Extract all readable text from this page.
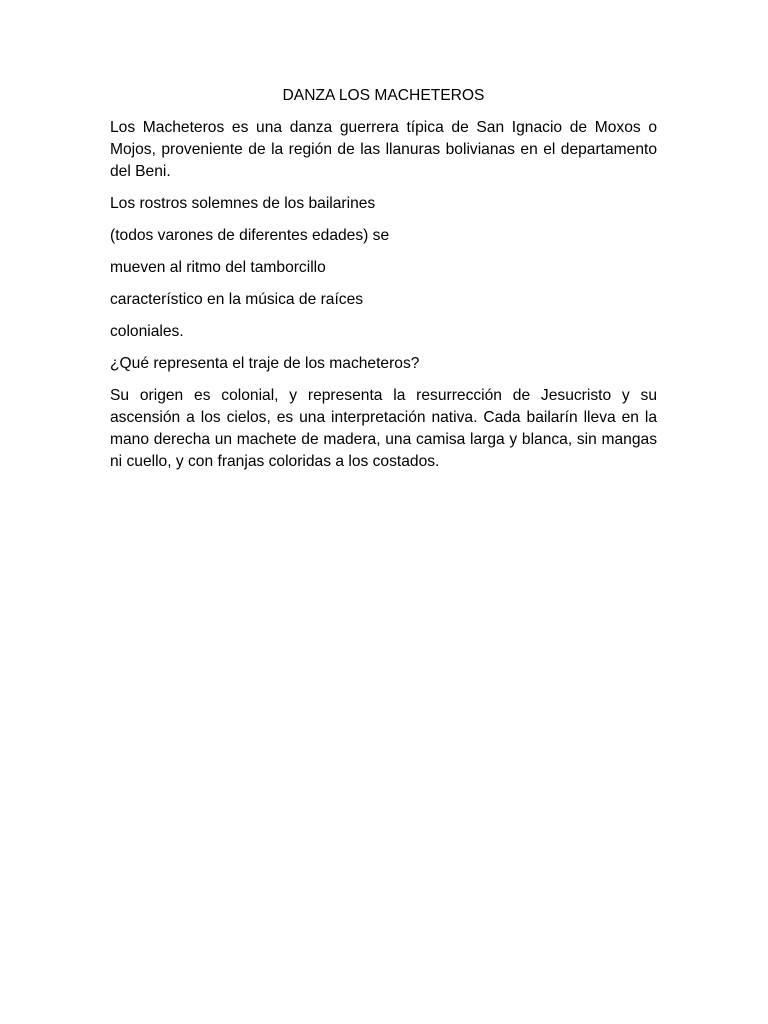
DANZA LOS MACHETEROS

Los Macheteros es una danza guerrera típica de San Ignacio de Moxos o Mojos, proveniente de la región de las llanuras bolivianas en el departamento del Beni.

Los rostros solemnes de los bailarines

(todos varones de diferentes edades) se

mueven al ritmo del tamborcillo

característico en la música de raíces

coloniales.

¿Qué representa el traje de los macheteros?

Su origen es colonial, y representa la resurrección de Jesucristo y su ascensión a los cielos, es una interpretación nativa. Cada bailarín lleva en la mano derecha un machete de madera, una camisa larga y blanca, sin mangas ni cuello, y con franjas coloridas a los costados.
